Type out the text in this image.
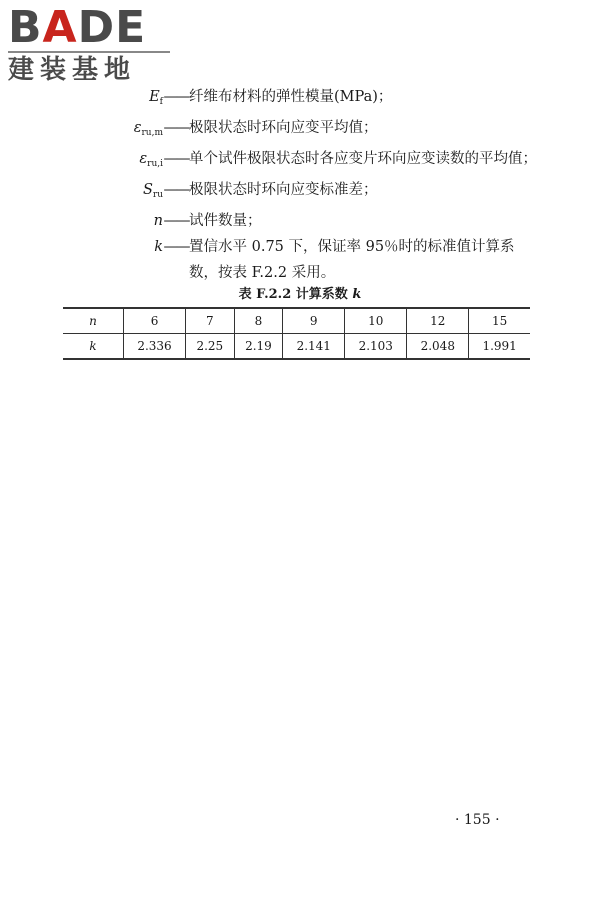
BADE
建装基地
$E_f$ —— 纤维布材料的弹性模量(MPa)；
$\varepsilon_{ru,m}$ —— 极限状态时环向应变平均值；
$\varepsilon_{ru,i}$ —— 单个试件极限状态时各应变片环向应变读数的平均值；
$S_{ru}$ —— 极限状态时环向应变标准差；
n —— 试件数量；
k —— 置信水平 0.75 下，保证率 95％时的标准值计算系数，按表 F.2.2 采用。
表 F.2.2 计算系数 k
n	6	7	8	9	10	12	15
k	2.336	2.25	2.19	2.141	2.103	2.048	1.991
· 155 ·
